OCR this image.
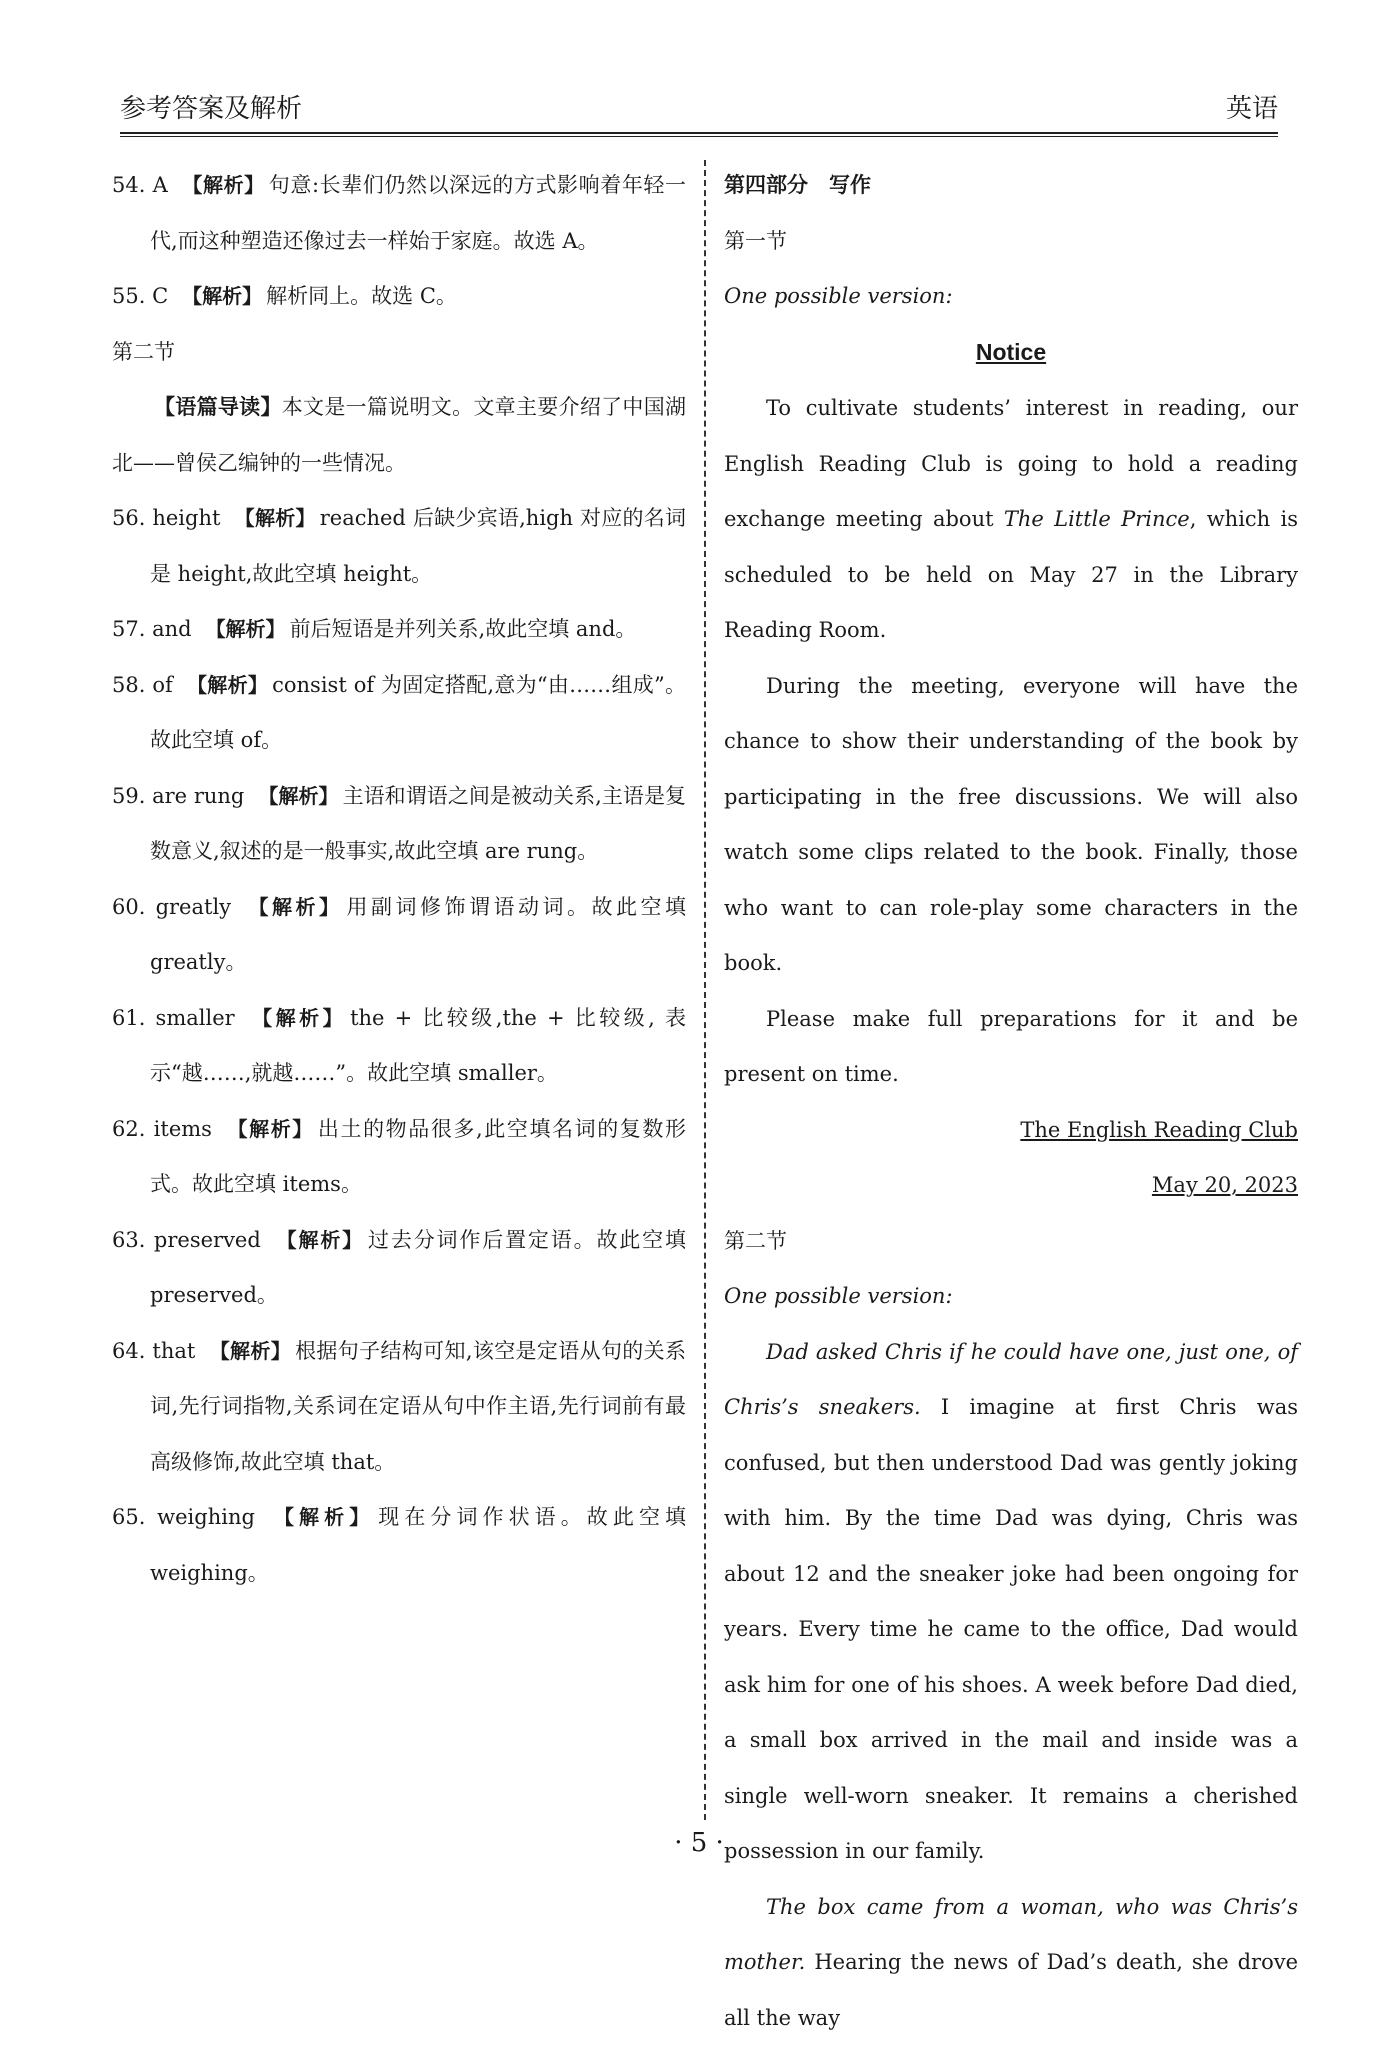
参考答案及解析	英语

54. A 【解析】 句意:长辈们仍然以深远的方式影响着年轻一代,而这种塑造还像过去一样始于家庭。故选 A。

55. C 【解析】 解析同上。故选 C。

第二节

【语篇导读】本文是一篇说明文。文章主要介绍了中国湖北——曾侯乙编钟的一些情况。

56. height 【解析】 reached 后缺少宾语,high 对应的名词是 height,故此空填 height。

57. and 【解析】 前后短语是并列关系,故此空填 and。

58. of 【解析】 consist of 为固定搭配,意为“由……组成”。故此空填 of。

59. are rung 【解析】 主语和谓语之间是被动关系,主语是复数意义,叙述的是一般事实,故此空填 are rung。

60. greatly 【解析】 用副词修饰谓语动词。故此空填 greatly。

61. smaller 【解析】 the + 比较级,the + 比较级, 表示“越……,就越……”。故此空填 smaller。

62. items 【解析】 出土的物品很多,此空填名词的复数形式。故此空填 items。

63. preserved 【解析】 过去分词作后置定语。故此空填 preserved。

64. that 【解析】 根据句子结构可知,该空是定语从句的关系词,先行词指物,关系词在定语从句中作主语,先行词前有最高级修饰,故此空填 that。

65. weighing 【解析】 现在分词作状语。故此空填 weighing。

第四部分　写作

第一节

One possible version:

Notice

To cultivate students’ interest in reading, our English Reading Club is going to hold a reading exchange meeting about The Little Prince, which is scheduled to be held on May 27 in the Library Reading Room.

During the meeting, everyone will have the chance to show their understanding of the book by participating in the free discussions. We will also watch some clips related to the book. Finally, those who want to can role-play some characters in the book.

Please make full preparations for it and be present on time.

The English Reading Club

May 20, 2023

第二节

One possible version:

Dad asked Chris if he could have one, just one, of Chris’s sneakers. I imagine at first Chris was confused, but then understood Dad was gently joking with him. By the time Dad was dying, Chris was about 12 and the sneaker joke had been ongoing for years. Every time he came to the office, Dad would ask him for one of his shoes. A week before Dad died, a small box arrived in the mail and inside was a single well-worn sneaker. It remains a cherished possession in our family.

The box came from a woman, who was Chris’s mother. Hearing the news of Dad’s death, she drove all the way

· 5 ·
